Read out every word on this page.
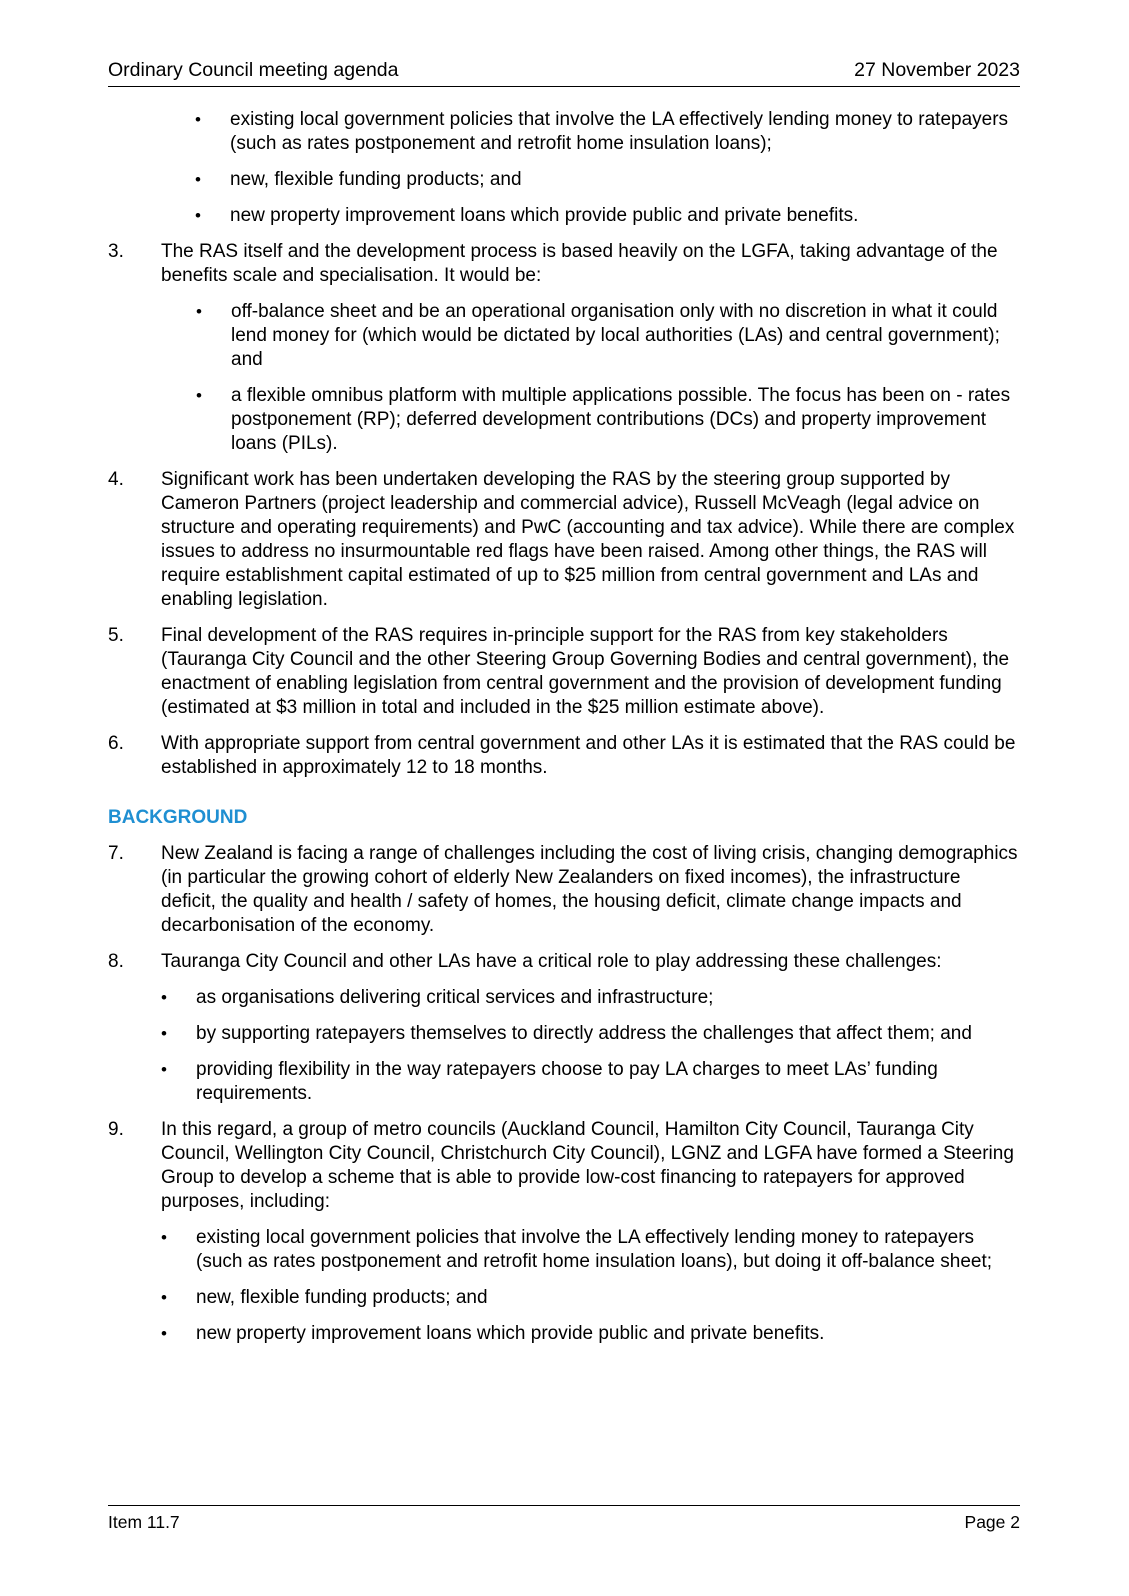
Ordinary Council meeting agenda	27 November 2023
• existing local government policies that involve the LA effectively lending money to ratepayers (such as rates postponement and retrofit home insulation loans);
• new, flexible funding products; and
• new property improvement loans which provide public and private benefits.
3. The RAS itself and the development process is based heavily on the LGFA, taking advantage of the benefits scale and specialisation. It would be:
• off-balance sheet and be an operational organisation only with no discretion in what it could lend money for (which would be dictated by local authorities (LAs) and central government); and
• a flexible omnibus platform with multiple applications possible. The focus has been on - rates postponement (RP); deferred development contributions (DCs) and property improvement loans (PILs).
4. Significant work has been undertaken developing the RAS by the steering group supported by Cameron Partners (project leadership and commercial advice), Russell McVeagh (legal advice on structure and operating requirements) and PwC (accounting and tax advice). While there are complex issues to address no insurmountable red flags have been raised. Among other things, the RAS will require establishment capital estimated of up to $25 million from central government and LAs and enabling legislation.
5. Final development of the RAS requires in-principle support for the RAS from key stakeholders (Tauranga City Council and the other Steering Group Governing Bodies and central government), the enactment of enabling legislation from central government and the provision of development funding (estimated at $3 million in total and included in the $25 million estimate above).
6. With appropriate support from central government and other LAs it is estimated that the RAS could be established in approximately 12 to 18 months.
BACKGROUND
7. New Zealand is facing a range of challenges including the cost of living crisis, changing demographics (in particular the growing cohort of elderly New Zealanders on fixed incomes), the infrastructure deficit, the quality and health / safety of homes, the housing deficit, climate change impacts and decarbonisation of the economy.
8. Tauranga City Council and other LAs have a critical role to play addressing these challenges:
• as organisations delivering critical services and infrastructure;
• by supporting ratepayers themselves to directly address the challenges that affect them; and
• providing flexibility in the way ratepayers choose to pay LA charges to meet LAs’ funding requirements.
9. In this regard, a group of metro councils (Auckland Council, Hamilton City Council, Tauranga City Council, Wellington City Council, Christchurch City Council), LGNZ and LGFA have formed a Steering Group to develop a scheme that is able to provide low-cost financing to ratepayers for approved purposes, including:
• existing local government policies that involve the LA effectively lending money to ratepayers (such as rates postponement and retrofit home insulation loans), but doing it off-balance sheet;
• new, flexible funding products; and
• new property improvement loans which provide public and private benefits.
Item 11.7	Page 2
